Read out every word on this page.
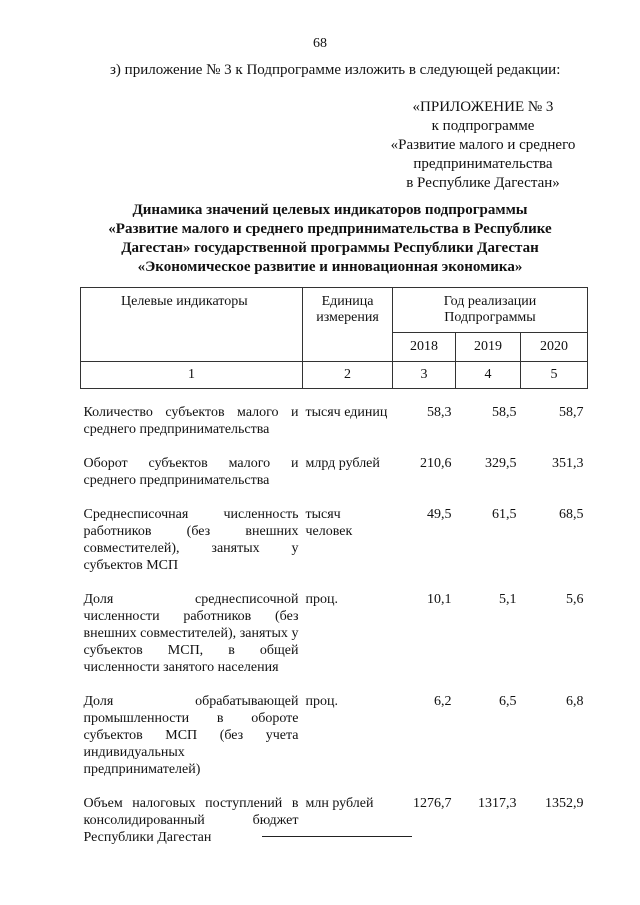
68
з) приложение № 3 к Подпрограмме изложить в следующей редакции:
«ПРИЛОЖЕНИЕ № 3
к подпрограмме
«Развитие малого и среднего
предпринимательства
в Республике Дагестан»
Динамика значений целевых индикаторов подпрограммы
«Развитие малого и среднего предпринимательства в Республике
Дагестан» государственной программы Республики Дагестан
«Экономическое развитие и инновационная экономика»
Целевые индикаторы	Единица измерения	Год реализации Подпрограммы		
		2018	2019	2020
1	2	3	4	5
Количество субъектов малого и среднего предпринимательства	тысяч единиц	58,3	58,5	58,7
Оборот субъектов малого и среднего предпринимательства	млрд рублей	210,6	329,5	351,3
Среднесписочная численность работников (без внешних совместителей), занятых у субъектов МСП	тысяч человек	49,5	61,5	68,5
Доля среднесписочной численности работников (без внешних совместителей), занятых у субъектов МСП, в общей численности занятого населения	проц.	10,1	5,1	5,6
Доля обрабатывающей промышленности в обороте субъектов МСП (без учета индивидуальных предпринимателей)	проц.	6,2	6,5	6,8
Объем налоговых поступлений в консолидированный бюджет Республики Дагестан	млн рублей	1276,7	1317,3	1352,9
